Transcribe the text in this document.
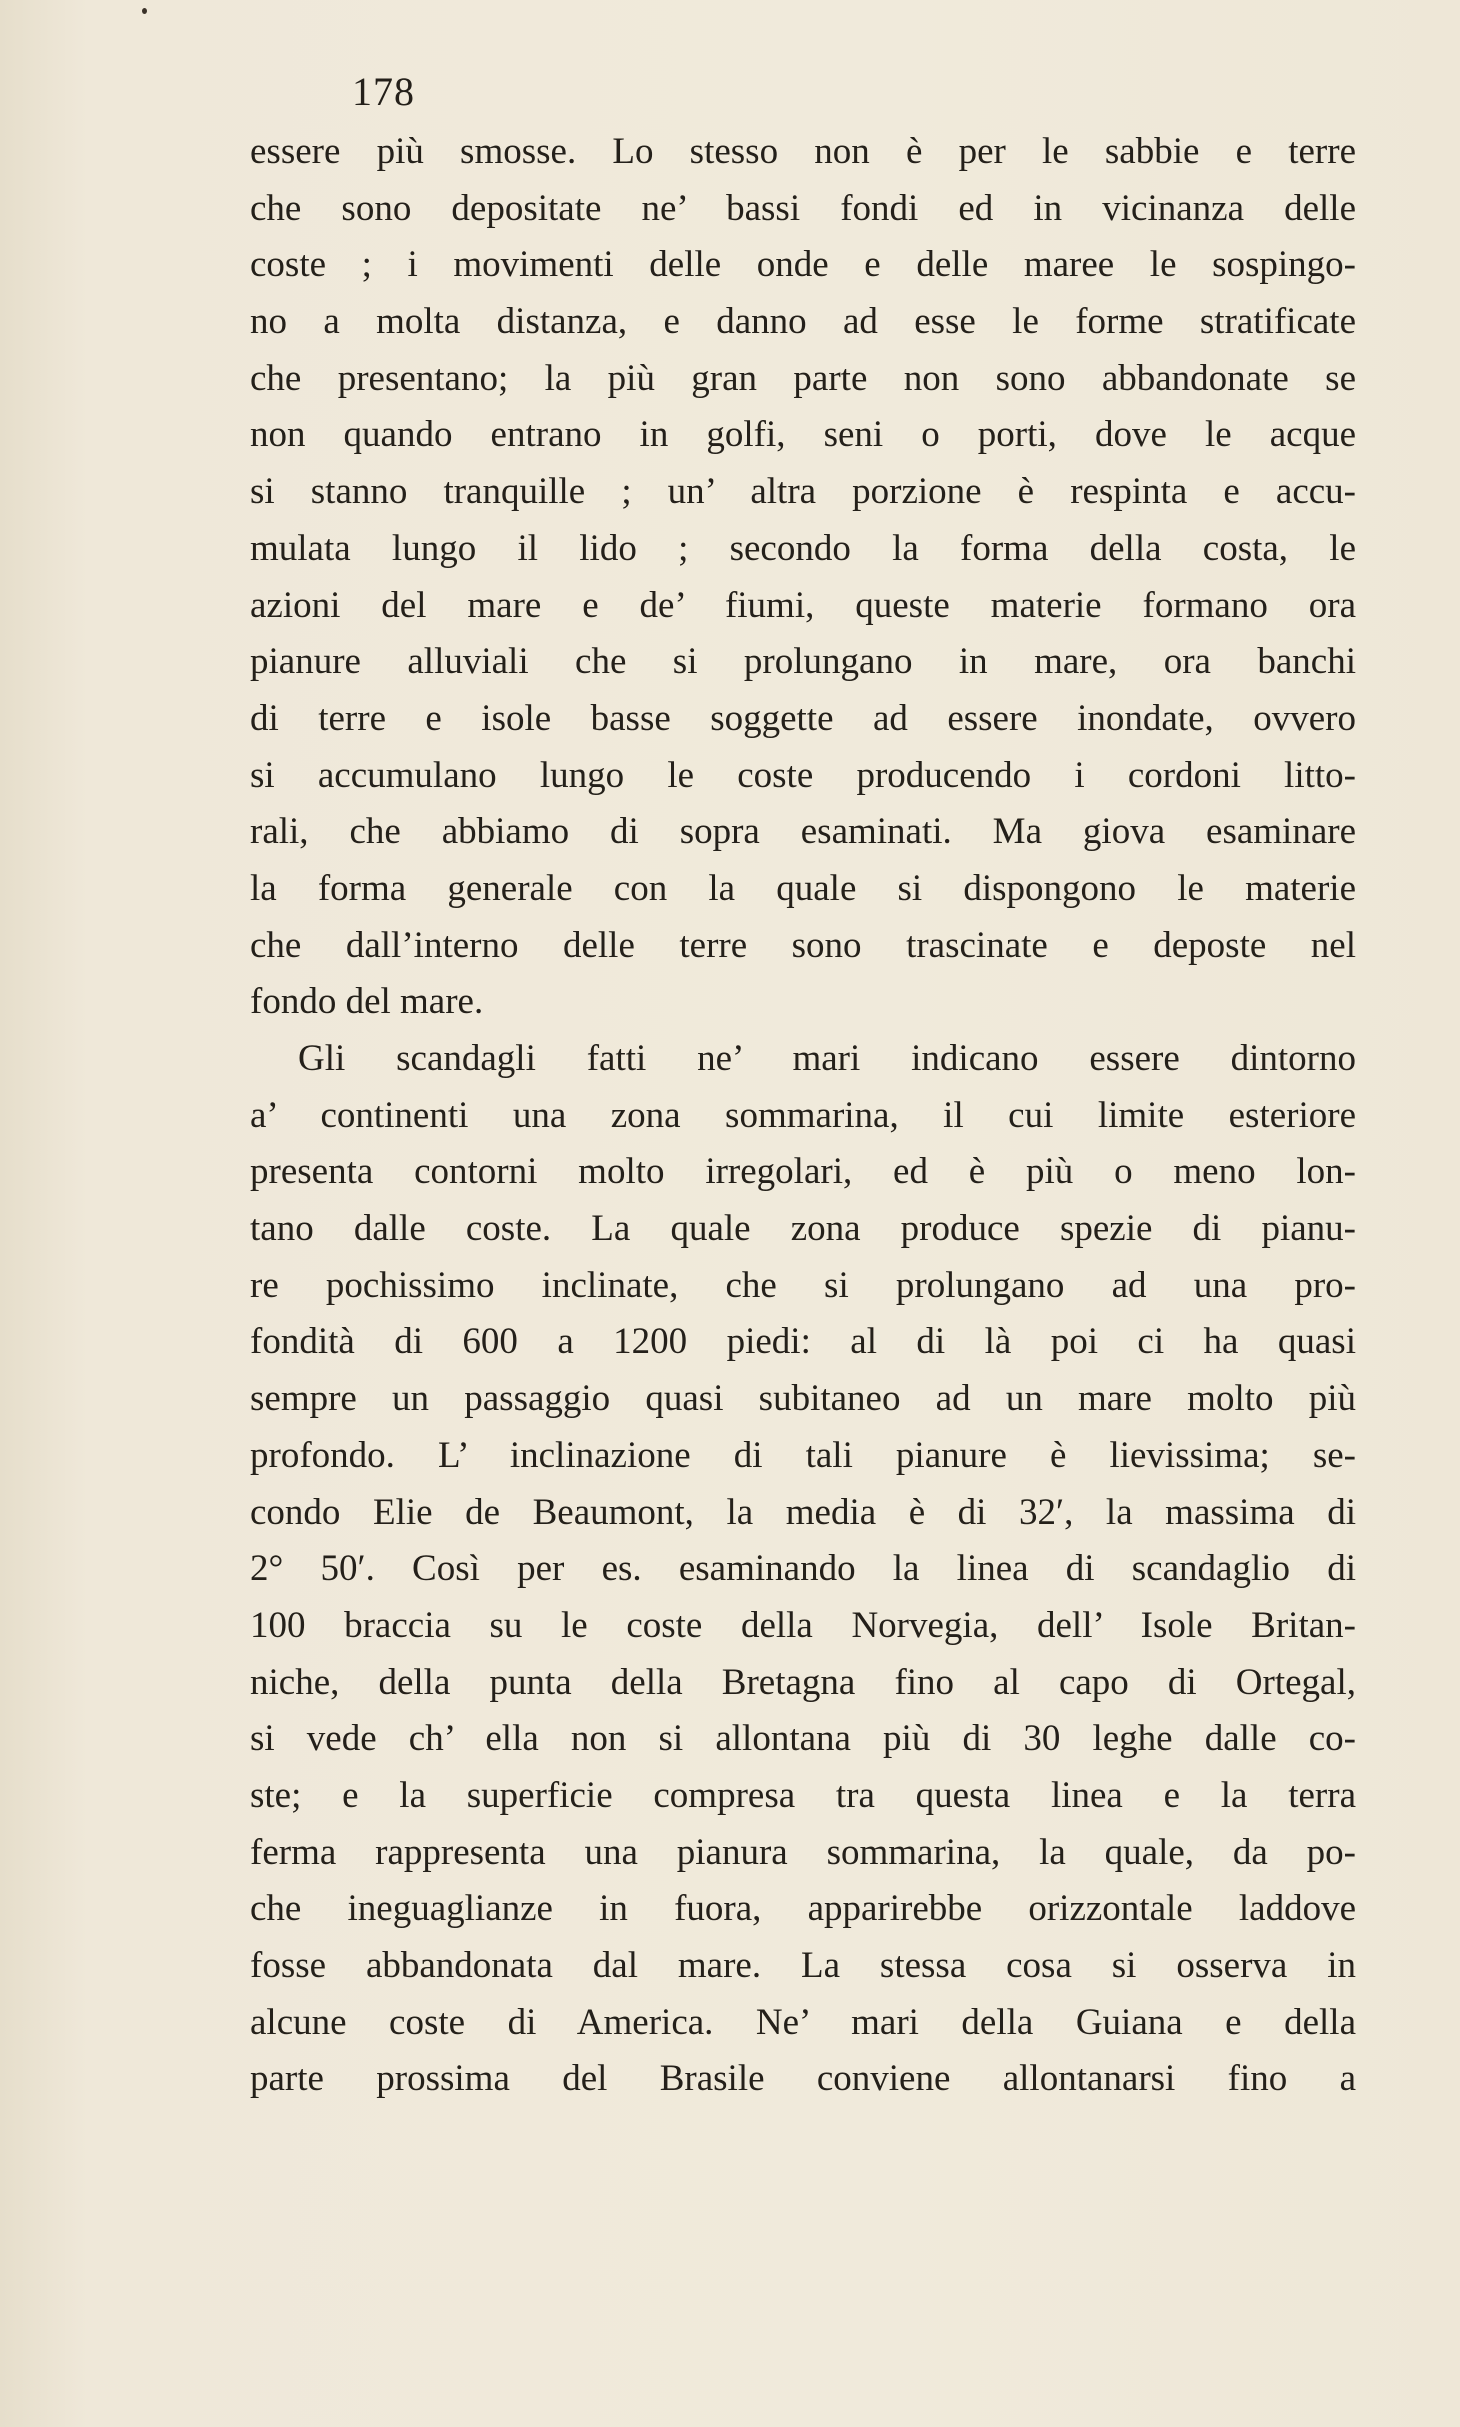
178
essere più smosse. Lo stesso non è per le sabbie e terre
che sono depositate ne’ bassi fondi ed in vicinanza delle
coste ; i movimenti delle onde e delle maree le sospingo-
no a molta distanza, e danno ad esse le forme stratificate
che presentano; la più gran parte non sono abbandonate se
non quando entrano in golfi, seni o porti, dove le acque
si stanno tranquille ; un’ altra porzione è respinta e accu-
mulata lungo il lido ; secondo la forma della costa, le
azioni del mare e de’ fiumi, queste materie formano ora
pianure alluviali che si prolungano in mare, ora banchi
di terre e isole basse soggette ad essere inondate, ovvero
si accumulano lungo le coste producendo i cordoni litto-
rali, che abbiamo di sopra esaminati. Ma giova esaminare
la forma generale con la quale si dispongono le materie
che dall’interno delle terre sono trascinate e deposte nel
fondo del mare.
Gli scandagli fatti ne’ mari indicano essere dintorno
a’ continenti una zona sommarina, il cui limite esteriore
presenta contorni molto irregolari, ed è più o meno lon-
tano dalle coste. La quale zona produce spezie di pianu-
re pochissimo inclinate, che si prolungano ad una pro-
fondità di 600 a 1200 piedi: al di là poi ci ha quasi
sempre un passaggio quasi subitaneo ad un mare molto più
profondo. L’ inclinazione di tali pianure è lievissima; se-
condo Elie de Beaumont, la media è di 32′, la massima di
2° 50′. Così per es. esaminando la linea di scandaglio di
100 braccia su le coste della Norvegia, dell’ Isole Britan-
niche, della punta della Bretagna fino al capo di Ortegal,
si vede ch’ ella non si allontana più di 30 leghe dalle co-
ste; e la superficie compresa tra questa linea e la terra
ferma rappresenta una pianura sommarina, la quale, da po-
che ineguaglianze in fuora, apparirebbe orizzontale laddove
fosse abbandonata dal mare. La stessa cosa si osserva in
alcune coste di America. Ne’ mari della Guiana e della
parte prossima del Brasile conviene allontanarsi fino a
